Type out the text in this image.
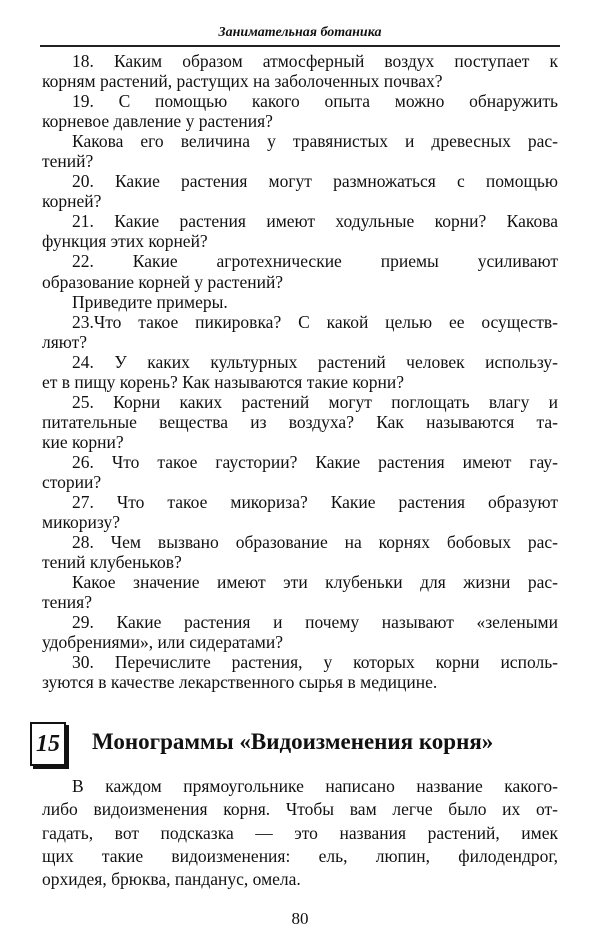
Занимательная ботаника
18. Каким образом атмосферный воздух поступает к
корням растений, растущих на заболоченных почвах?
19. С помощью какого опыта можно обнаружить
корневое давление у растения?
Какова его величина у травянистых и древесных рас-
тений?
20. Какие растения могут размножаться с помощью
корней?
21. Какие растения имеют ходульные корни? Какова
функция этих корней?
22. Какие агротехнические приемы усиливают
образование корней у растений?
Приведите примеры.
23.Что такое пикировка? С какой целью ее осуществ-
ляют?
24. У каких культурных растений человек использу-
ет в пищу корень? Как называются такие корни?
25. Корни каких растений могут поглощать влагу и
питательные вещества из воздуха? Как называются та-
кие корни?
26. Что такое гаустории? Какие растения имеют гау-
стории?
27. Что такое микориза? Какие растения образуют
микоризу?
28. Чем вызвано образование на корнях бобовых рас-
тений клубеньков?
Какое значение имеют эти клубеньки для жизни рас-
тения?
29. Какие растения и почему называют «зелеными
удобрениями», или сидератами?
30. Перечислите растения, у которых корни исполь-
зуются в качестве лекарственного сырья в медицине.
15 Монограммы «Видоизменения корня»
В каждом прямоугольнике написано название какого-
либо видоизменения корня. Чтобы вам легче было их от-
гадать, вот подсказка — это названия растений, имек
щих такие видоизменения: ель, люпин, филодендрог,
орхидея, брюква, панданус, омела.
80
